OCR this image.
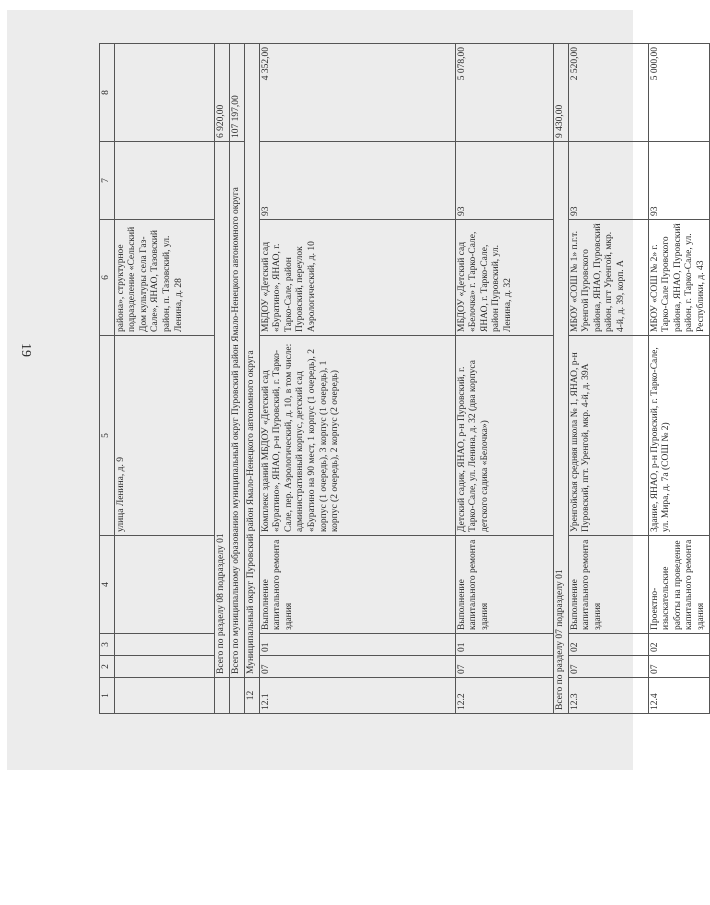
19
1	2	3	4	5	6	7	8
				улица Ленина, д. 9	района», структурное подразделение «Сельский Дом культуры села Газ-Сале», ЯНАО, Тазовский район, п. Тазовский, ул. Ленина, д. 28		
	Всего по разделу 08 подразделу 01						6 920,00
	Всего по муниципальному образованию муниципальный округ Пуровский район Ямало-Ненецкого автономного округа						107 197,00
12	Муниципальный округ Пуровский район Ямало-Ненецкого автономного округа						
12.1	07	01	Выполнение капитального ремонта здания	Комплекс зданий МБДОУ «Детский сад «Буратино», ЯНАО, р-н Пуровский, г. Тарко-Сале, пер. Аэрологический, д. 10, в том числе: административный корпус, детский сад «Буратино на 90 мест, 1 корпус (1 очередь), 2 корпус (1 очередь), 3 корпус (1 очередь), 1 корпус (2 очередь), 2 корпус (2 очередь)	МБДОУ «Детский сад «Буратино», ЯНАО, г. Тарко-Сале, район Пуровский, переулок Аэрологический, д. 10	93	4 352,00
12.2	07	01	Выполнение капитального ремонта здания	Детский садик, ЯНАО, р-н Пуровский, г. Тарко-Сале, ул. Ленина, д. 32 (два корпуса детского садика «Белочка»)	МБДОУ «Детский сад «Белочка» г. Тарко-Сале, ЯНАО, г. Тарко-Сале, район Пуровский, ул. Ленина, д. 32	93	5 078,00
Всего по разделу 07 подразделу 01							9 430,00
12.3	07	02	Выполнение капитального ремонта здания	Уренгойская средняя школа № 1, ЯНАО, р-н Пуровский, пгт. Уренгой, мкр. 4-й, д. 39А	МБОУ «СОШ № 1» п.г.т. Уренгой Пуровского района, ЯНАО, Пуровский район, пгт Уренгой, мкр. 4-й, д. 39, корп. А	93	2 520,00
12.4	07	02	Проектно-изыскательские работы на проведение капитального ремонта здания	Здание, ЯНАО, р-н Пуровский, г. Тарко-Сале, ул. Мира, д. 7а (СОШ № 2)	МБОУ «СОШ № 2» г. Тарко-Сале Пуровского района, ЯНАО, Пуровский район, г. Тарко-Сале, ул. Республики, д. 43	93	5 000,00
